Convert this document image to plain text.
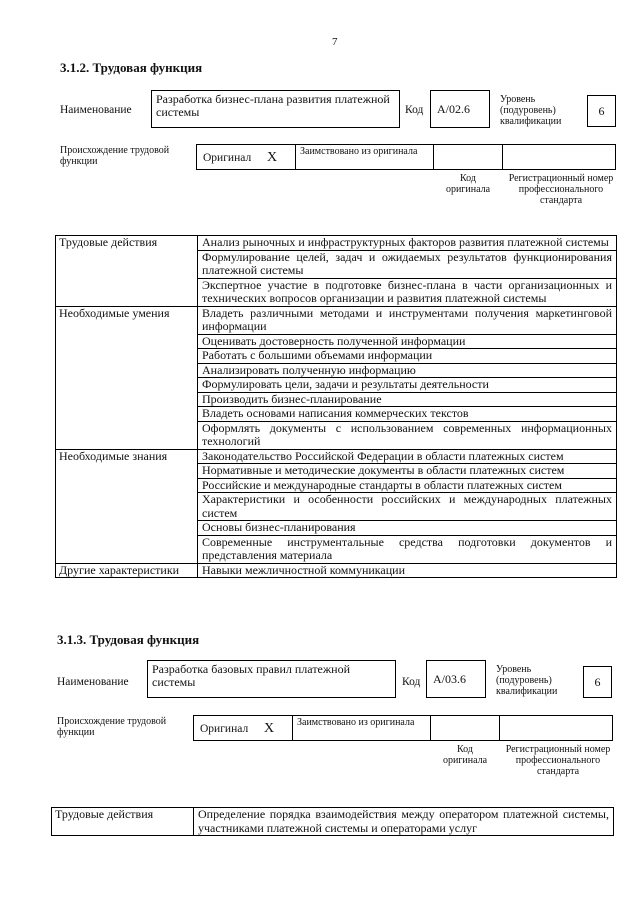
7
3.1.2. Трудовая функция
Наименование
Разработка бизнес-плана развития платежной системы	Код	А/02.6
Уровень (подуровень) квалификации
6
Происхождение трудовой функции	Оригинал X Заимствовано из оригинала
Код оригинала
Регистрационный номер профессионального стандарта
Трудовые действия	Анализ рыночных и инфраструктурных факторов развития платежной системы
	Формулирование целей, задач и ожидаемых результатов функционирования платежной системы
	Экспертное участие в подготовке бизнес-плана в части организационных и технических вопросов организации и развития платежной системы
Необходимые умения	Владеть различными методами и инструментами получения маркетинговой информации
	Оценивать достоверность полученной информации
	Работать с большими объемами информации
	Анализировать полученную информацию
	Формулировать цели, задачи и результаты деятельности
	Производить бизнес-планирование
	Владеть основами написания коммерческих текстов
	Оформлять документы с использованием современных информационных технологий
Необходимые знания	Законодательство Российской Федерации в области платежных систем
	Нормативные и методические документы в области платежных систем
	Российские и международные стандарты в области платежных систем
	Характеристики и особенности российских и международных платежных систем
	Основы бизнес-планирования
	Современные инструментальные средства подготовки документов и представления материала
Другие характеристики	Навыки межличностной коммуникации
3.1.3. Трудовая функция
Наименование
Разработка базовых правил платежной системы	Код	А/03.6
Уровень (подуровень) квалификации
6
Происхождение трудовой функции	Оригинал X Заимствовано из оригинала
Код оригинала
Регистрационный номер профессионального стандарта
Трудовые действия	Определение порядка взаимодействия между оператором платежной системы, участниками платежной системы и операторами услуг
